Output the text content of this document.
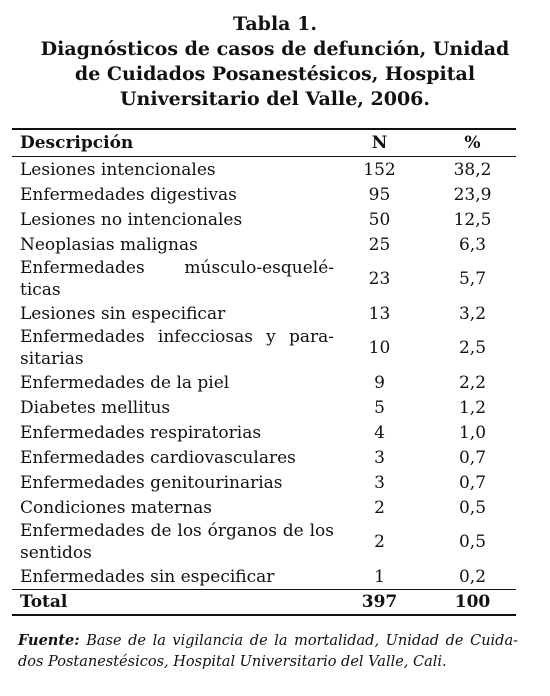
Tabla 1.
Diagnósticos de casos de defunción, Unidad
de Cuidados Posanestésicos, Hospital
Universitario del Valle, 2006.
Descripción	N	%
Lesiones intencionales	152	38,2
Enfermedades digestivas	95	23,9
Lesiones no intencionales	50	12,5
Neoplasias malignas	25	6,3
Enfermedades músculo-esquelé-
ticas
23	5,7
Lesiones sin especificar	13	3,2
Enfermedades infecciosas y para-
sitarias
10	2,5
Enfermedades de la piel	9	2,2
Diabetes mellitus	5	1,2
Enfermedades respiratorias	4	1,0
Enfermedades cardiovasculares	3	0,7
Enfermedades genitourinarias	3	0,7
Condiciones maternas	2	0,5
Enfermedades de los órganos de los
sentidos
2	0,5
Enfermedades sin especificar	1	0,2
Total	397	100
Fuente: Base de la vigilancia de la mortalidad, Unidad de Cuida-
dos Postanestésicos, Hospital Universitario del Valle, Cali.
